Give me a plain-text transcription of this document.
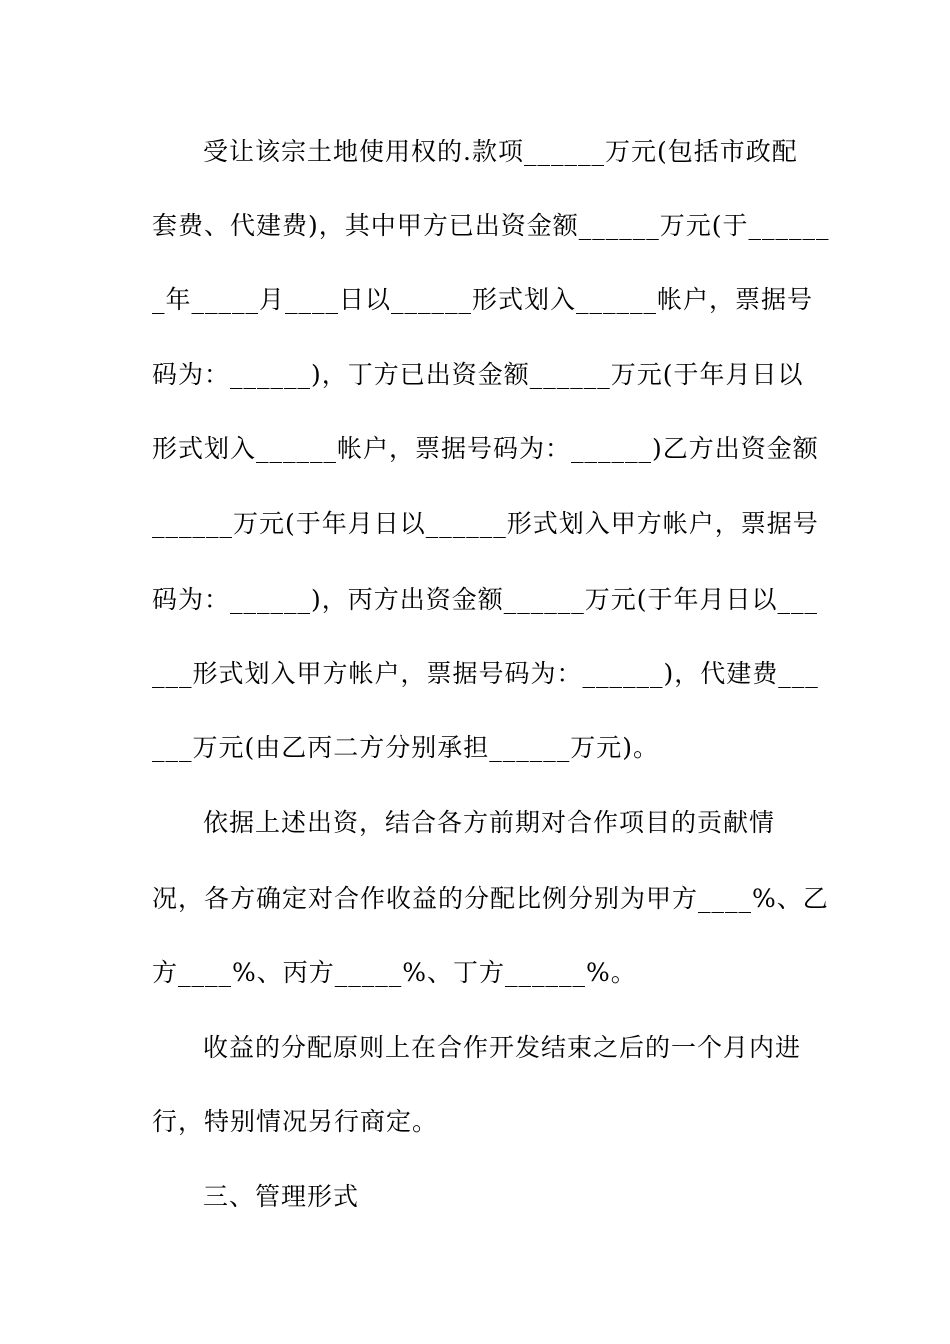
受让该宗土地使用权的.款项______万元(包括市政配
套费、代建费)，其中甲方已出资金额______万元(于______
_年_____月____日以______形式划入______帐户，票据号
码为：______)，丁方已出资金额______万元(于年月日以
形式划入______帐户，票据号码为：______)乙方出资金额
______万元(于年月日以______形式划入甲方帐户，票据号
码为：______)，丙方出资金额______万元(于年月日以___
___形式划入甲方帐户，票据号码为：______)，代建费___
___万元(由乙丙二方分别承担______万元)。
依据上述出资，结合各方前期对合作项目的贡献情
况，各方确定对合作收益的分配比例分别为甲方____%、乙
方____%、丙方_____%、丁方______%。
收益的分配原则上在合作开发结束之后的一个月内进
行，特别情况另行商定。
三、管理形式
